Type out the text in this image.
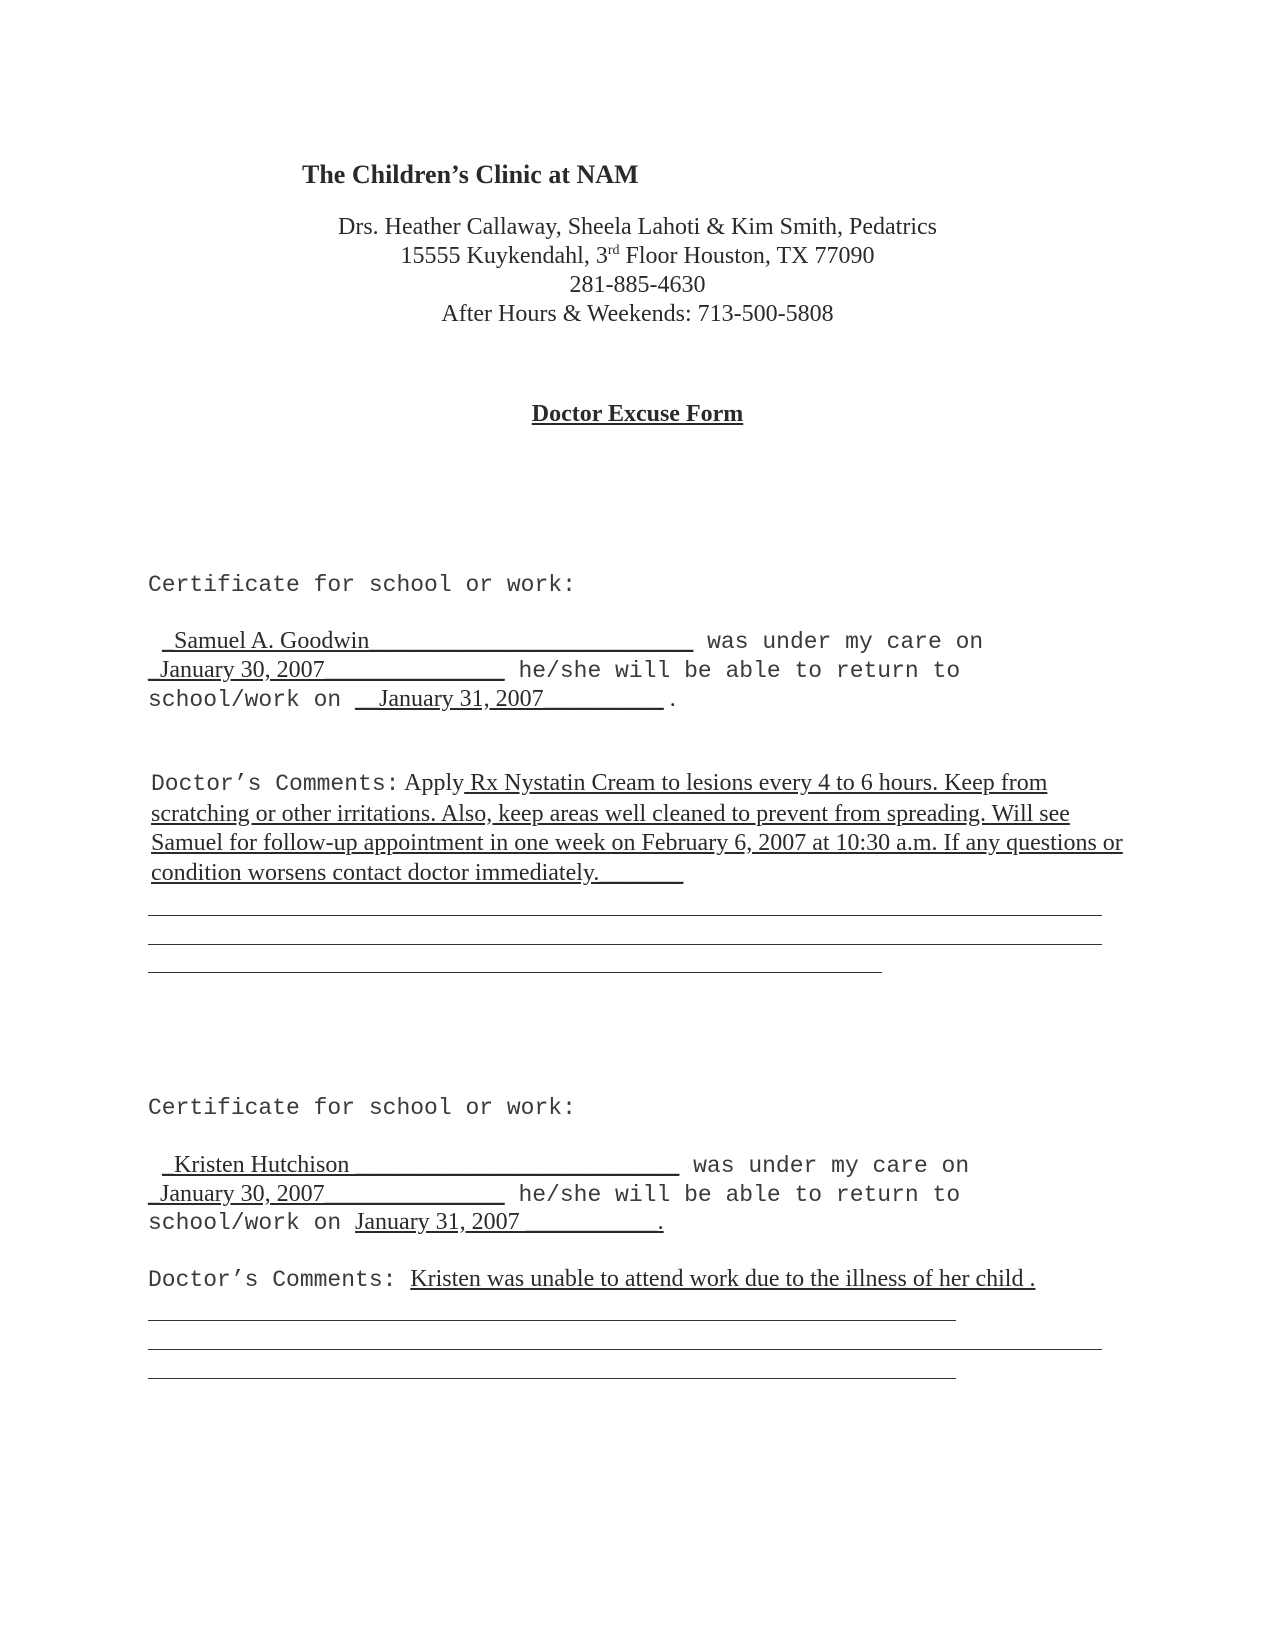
The Children’s Clinic at NAM
Drs. Heather Callaway, Sheela Lahoti & Kim Smith, Pedatrics
15555 Kuykendahl, 3rd Floor Houston, TX 77090
281-885-4630
After Hours & Weekends: 713-500-5808
Doctor Excuse Form
Certificate for school or work:
_Samuel A. Goodwin___________________________ was under my care on
_January 30, 2007_______________ he/she will be able to return to
school/work on __January 31, 2007__________ .
Doctor’s Comments: Apply Rx Nystatin Cream to lesions every 4 to 6 hours. Keep from scratching or other irritations. Also, keep areas well cleaned to prevent from spreading. Will see Samuel for follow-up appointment in one week on February 6, 2007 at 10:30 a.m. If any questions or condition worsens contact doctor immediately._______
Certificate for school or work:
_Kristen Hutchison ___________________________ was under my care on
_January 30, 2007_______________ he/she will be able to return to
school/work on January 31, 2007 ___________.
Doctor’s Comments: Kristen was unable to attend work due to the illness of her child .
